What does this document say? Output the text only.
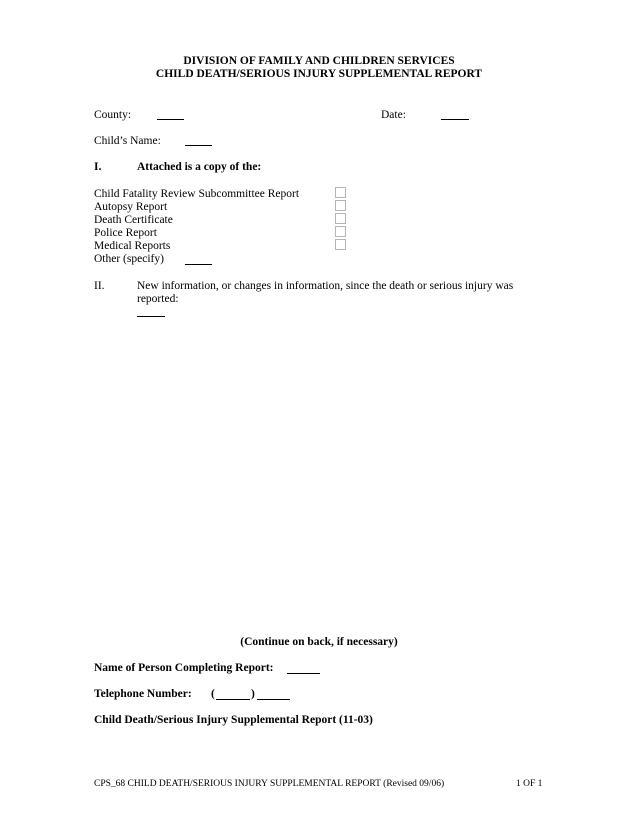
DIVISION OF FAMILY AND CHILDREN SERVICES
CHILD DEATH/SERIOUS INJURY SUPPLEMENTAL REPORT
County:	Date:
Child’s Name:
I.	Attached is a copy of the:
Child Fatality Review Subcommittee Report
Autopsy Report
Death Certificate
Police Report
Medical Reports
Other (specify)
II.	New information, or changes in information, since the death or serious injury was
reported:
(Continue on back, if necessary)
Name of Person Completing Report:
Telephone Number: (	)
Child Death/Serious Injury Supplemental Report (11-03)
CPS_68 CHILD DEATH/SERIOUS INJURY SUPPLEMENTAL REPORT (Revised 09/06)	1 OF 1
